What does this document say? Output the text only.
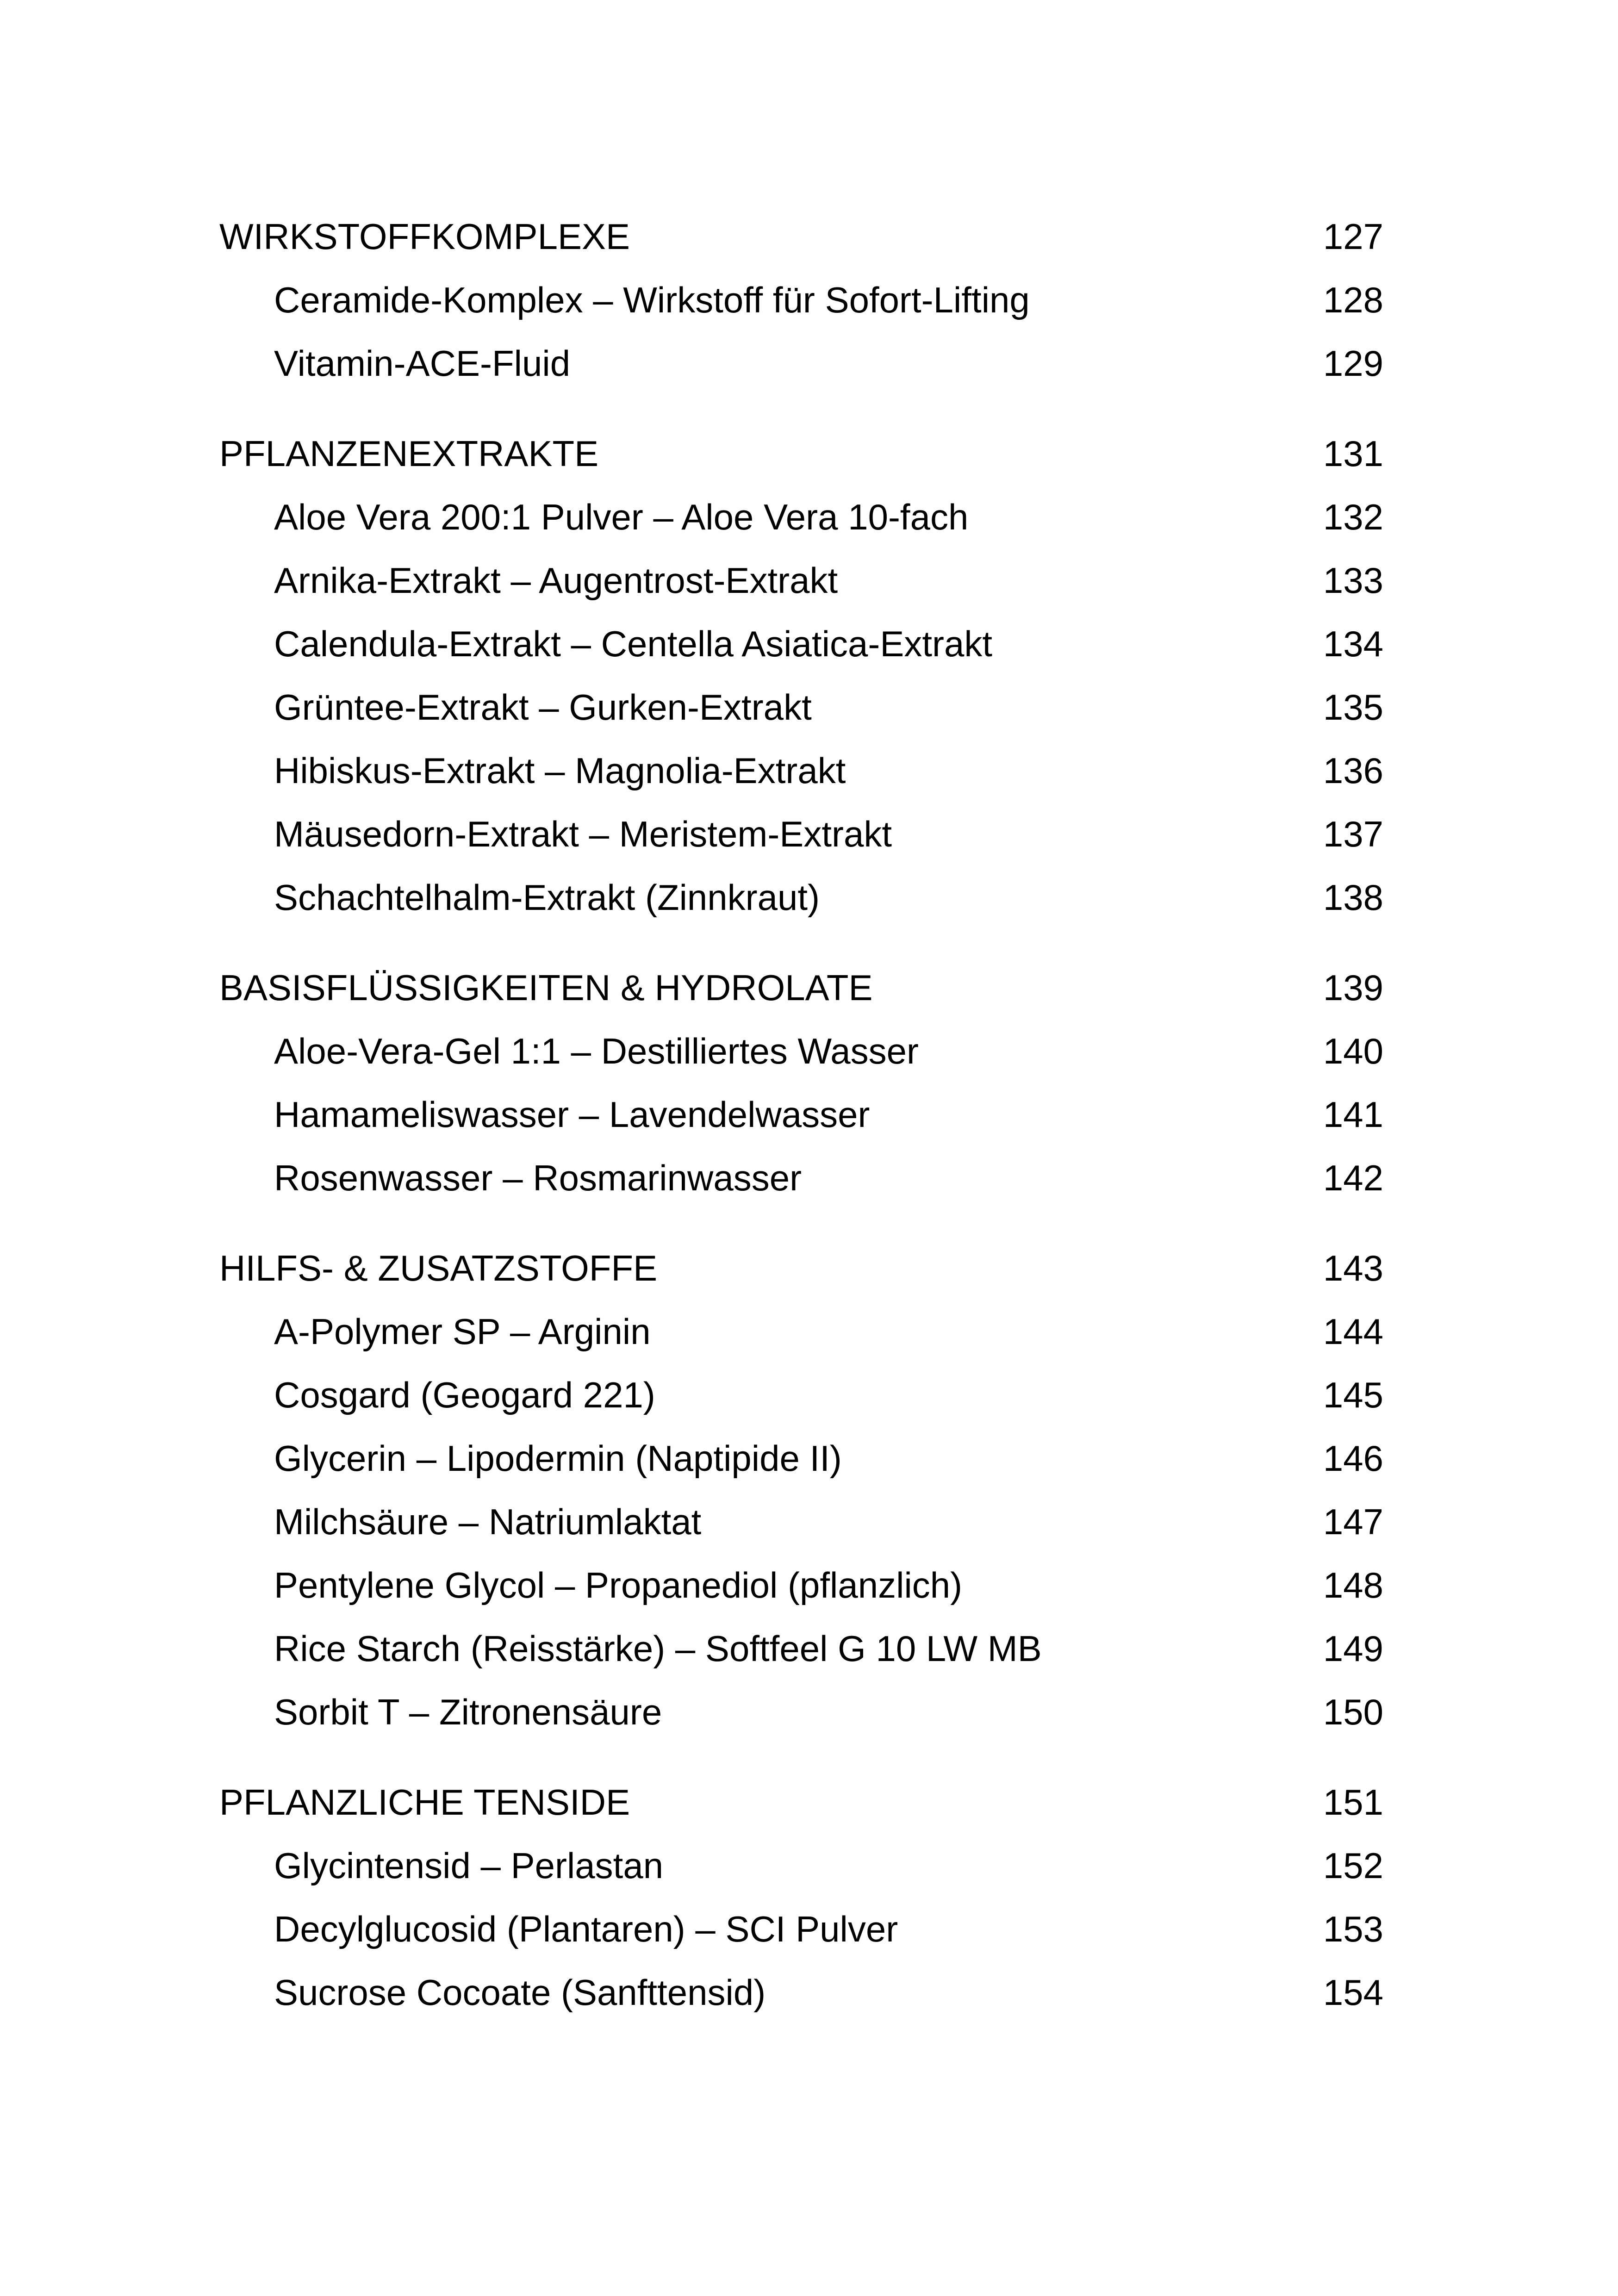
WIRKSTOFFKOMPLEXE	127
Ceramide-Komplex – Wirkstoff für Sofort-Lifting	128
Vitamin-ACE-Fluid	129
PFLANZENEXTRAKTE	131
Aloe Vera 200:1 Pulver – Aloe Vera 10-fach	132
Arnika-Extrakt – Augentrost-Extrakt	133
Calendula-Extrakt – Centella Asiatica-Extrakt	134
Grüntee-Extrakt – Gurken-Extrakt	135
Hibiskus-Extrakt – Magnolia-Extrakt	136
Mäusedorn-Extrakt – Meristem-Extrakt	137
Schachtelhalm-Extrakt (Zinnkraut)	138
BASISFLÜSSIGKEITEN & HYDROLATE	139
Aloe-Vera-Gel 1:1 – Destilliertes Wasser	140
Hamameliswasser – Lavendelwasser	141
Rosenwasser – Rosmarinwasser	142
HILFS- & ZUSATZSTOFFE	143
A-Polymer SP – Arginin	144
Cosgard (Geogard 221)	145
Glycerin – Lipodermin (Naptipide II)	146
Milchsäure – Natriumlaktat	147
Pentylene Glycol – Propanediol (pflanzlich)	148
Rice Starch (Reisstärke) – Softfeel G 10 LW MB	149
Sorbit T – Zitronensäure	150
PFLANZLICHE TENSIDE	151
Glycintensid – Perlastan	152
Decylglucosid (Plantaren) – SCI Pulver	153
Sucrose Cocoate (Sanfttensid)	154
